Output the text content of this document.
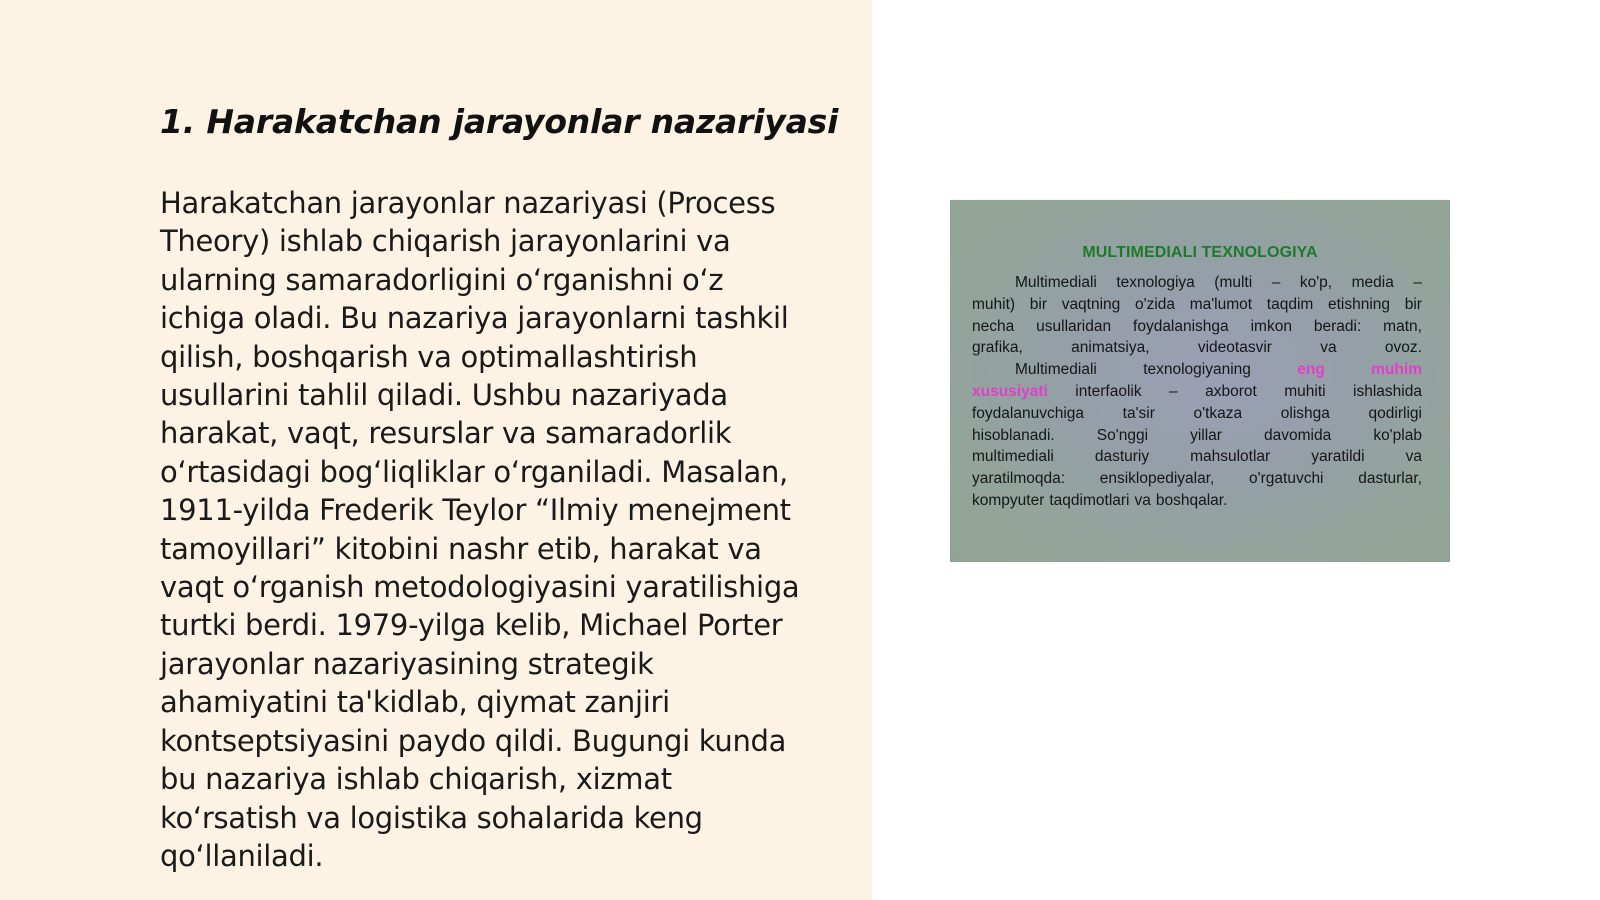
1. Harakatchan jarayonlar nazariyasi

Harakatchan jarayonlar nazariyasi (Process
Theory) ishlab chiqarish jarayonlarini va
ularning samaradorligini o‘rganishni o‘z
ichiga oladi. Bu nazariya jarayonlarni tashkil
qilish, boshqarish va optimallashtirish
usullarini tahlil qiladi. Ushbu nazariyada
harakat, vaqt, resurslar va samaradorlik
o‘rtasidagi bog‘liqliklar o‘rganiladi. Masalan,
1911-yilda Frederik Teylor “Ilmiy menejment
tamoyillari” kitobini nashr etib, harakat va
vaqt o‘rganish metodologiyasini yaratilishiga
turtki berdi. 1979-yilga kelib, Michael Porter
jarayonlar nazariyasining strategik
ahamiyatini ta'kidlab, qiymat zanjiri
kontseptsiyasini paydo qildi. Bugungi kunda
bu nazariya ishlab chiqarish, xizmat
ko‘rsatish va logistika sohalarida keng
qo‘llaniladi.

MULTIMEDIALI TEXNOLOGIYA
Multimediali texnologiya (multi – ko'p, media –
muhit) bir vaqtning o'zida ma'lumot taqdim etishning bir
necha usullaridan foydalanishga imkon beradi: matn,
grafika,	animatsiya,	videotasvir	va	ovoz.
Multimediali	texnologiyaning	eng	muhim
xususiyati interfaolik – axborot muhiti ishlashida
foydalanuvchiga ta'sir o'tkaza olishga qodirligi
hisoblanadi.	So'nggi	yillar	davomida	ko'plab
multimediali	dasturiy	mahsulotlar	yaratildi	va
yaratilmoqda: ensiklopediyalar, o'rgatuvchi dasturlar,
kompyuter taqdimotlari va boshqalar.
